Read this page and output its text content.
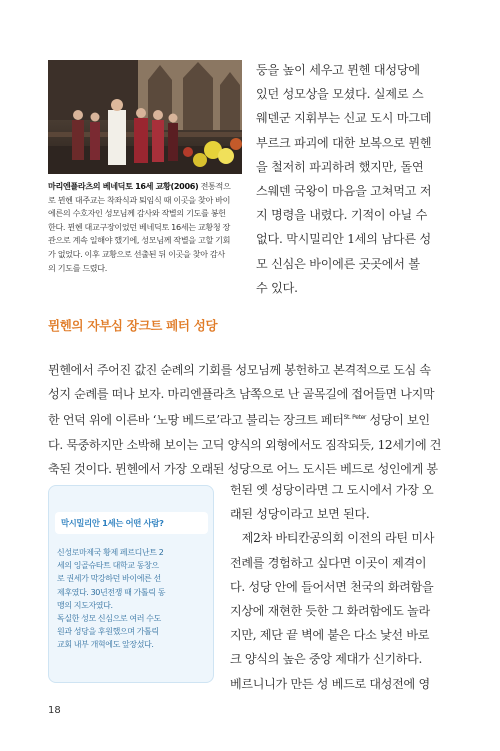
마리엔플라츠의 베네딕토 16세 교황(2006) 전통적으
로 뮌헨 대주교는 착좌식과 퇴임식 때 이곳을 찾아 바이
에른의 수호자인 성모님께 감사와 작별의 기도를 봉헌
한다. 뮌헨 대교구장이었던 베네딕토 16세는 교황청 장
관으로 계속 일해야 했기에, 성모님께 작별을 고할 기회
가 없었다. 이후 교황으로 선출된 뒤 이곳을 찾아 감사
의 기도를 드렸다.
둥을 높이 세우고 뮌헨 대성당에
있던 성모상을 모셨다. 실제로 스
웨덴군 지휘부는 신교 도시 마그데
부르크 파괴에 대한 보복으로 뮌헨
을 철저히 파괴하려 했지만, 돌연
스웨덴 국왕이 마음을 고쳐먹고 저
지 명령을 내렸다. 기적이 아닐 수
없다. 막시밀리안 1세의 남다른 성
모 신심은 바이에른 곳곳에서 볼
수 있다.
뮌헨의 자부심 장크트 페터 성당
뮌헨에서 주어진 값진 순례의 기회를 성모님께 봉헌하고 본격적으로 도심 속
성지 순례를 떠나 보자. 마리엔플라츠 남쪽으로 난 골목길에 접어들면 나지막
한 언덕 위에 이른바 ‘노땅 베드로’라고 불리는 장크트 페터$^{St. Peter}$ 성당이 보인
다. 묵중하지만 소박해 보이는 고딕 양식의 외형에서도 짐작되듯, 12세기에 건
축된 것이다. 뮌헨에서 가장 오래된 성당으로 어느 도시든 베드로 성인에게 봉
헌된 옛 성당이라면 그 도시에서 가장 오
래된 성당이라고 보면 된다.
　제2차 바티칸공의회 이전의 라틴 미사
전례를 경험하고 싶다면 이곳이 제격이
다. 성당 안에 들어서면 천국의 화려함을
지상에 재현한 듯한 그 화려함에도 놀라
지만, 제단 끝 벽에 붙은 다소 낯선 바로
크 양식의 높은 중앙 제대가 신기하다.
베르니니가 만든 성 베드로 대성전에 영
막시밀리안 1세는 어떤 사람?
신성로마제국 황제 페르디난트 2
세의 잉골슈타트 대학교 동창으
로 권세가 막강하던 바이에른 선
제후였다. 30년전쟁 때 가톨릭 동
맹의 지도자였다.
독실한 성모 신심으로 여러 수도
원과 성당을 후원했으며 가톨릭
교회 내부 개혁에도 앞장섰다.
18
